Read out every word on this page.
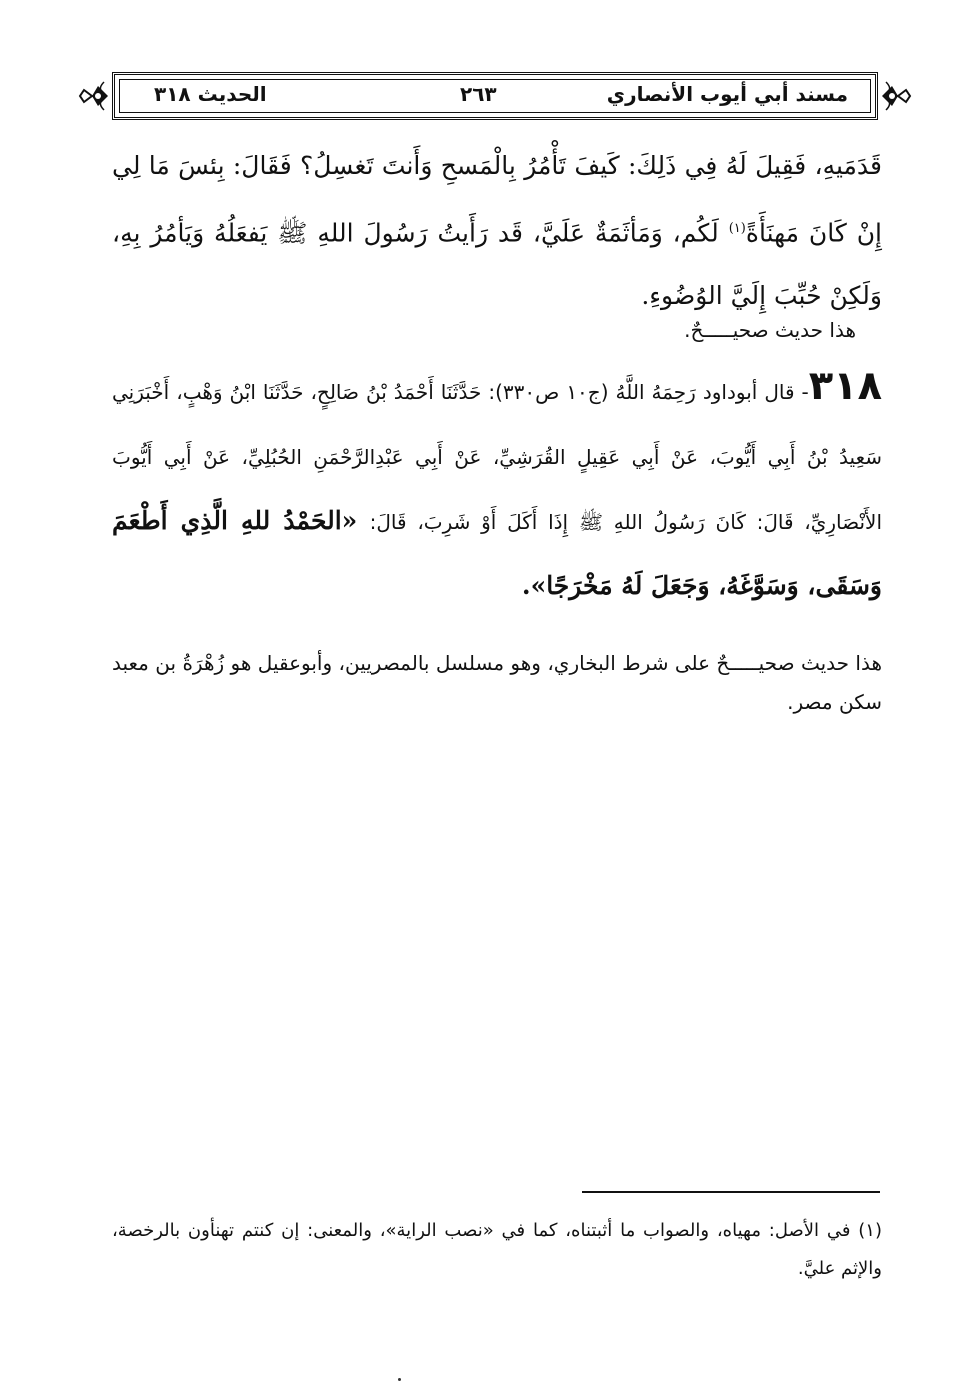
مسند أبي أيوب الأنصاري
٢٦٣
الحديث ٣١٨
قَدَمَيهِ، فَقِيلَ لَهُ فِي ذَلِكَ: كَيفَ تَأْمُرُ بِالْمَسحِ وَأَنتَ تَغسِلُ؟ فَقَالَ: بِئسَ مَا لِي إِنْ كَانَ مَهنَأَةً$^{(١)}$ لَكُم، وَمَأثَمَةٌ عَلَيَّ، قَد رَأَيتُ رَسُولَ اللهِ ﷺ يَفعَلُهُ وَيَأمُرُ بِهِ، وَلَكِنْ حُبِّبَ إِلَيَّ الوُضُوءِ.
هذا حديث صحيـــــحٌ.
٣١٨- قال أبوداود رَحِمَهُ اللَّهُ (ج١٠ ص٣٣٠): حَدَّثَنَا أَحْمَدُ بْنُ صَالِحٍ، حَدَّثَنَا ابْنُ وَهْبٍ، أَخْبَرَنِي سَعِيدُ بْنُ أَبِي أَيُّوبَ، عَنْ أَبِي عَقِيلٍ القُرَشِيِّ، عَنْ أَبِي عَبْدِالرَّحْمَنِ الحُبُلِيِّ، عَنْ أَبِي أَيُّوبَ الأَنْصَارِيِّ، قَالَ: كَانَ رَسُولُ اللهِ ﷺ إِذَا أَكَلَ أَوْ شَرِبَ، قَالَ: «الحَمْدُ للهِ الَّذِي أَطْعَمَ وَسَقَى، وَسَوَّغَهُ، وَجَعَلَ لَهُ مَخْرَجًا».
هذا حديث صحيـــــحٌ على شرط البخاري، وهو مسلسل بالمصريين، وأبوعقيل هو زُهْرَةُ بن معبد سكن مصر.
(١) في الأصل: مهياه، والصواب ما أثبتناه، كما في «نصب الراية»، والمعنى: إن كنتم تهنأون بالرخصة، والإثم عليَّ.
